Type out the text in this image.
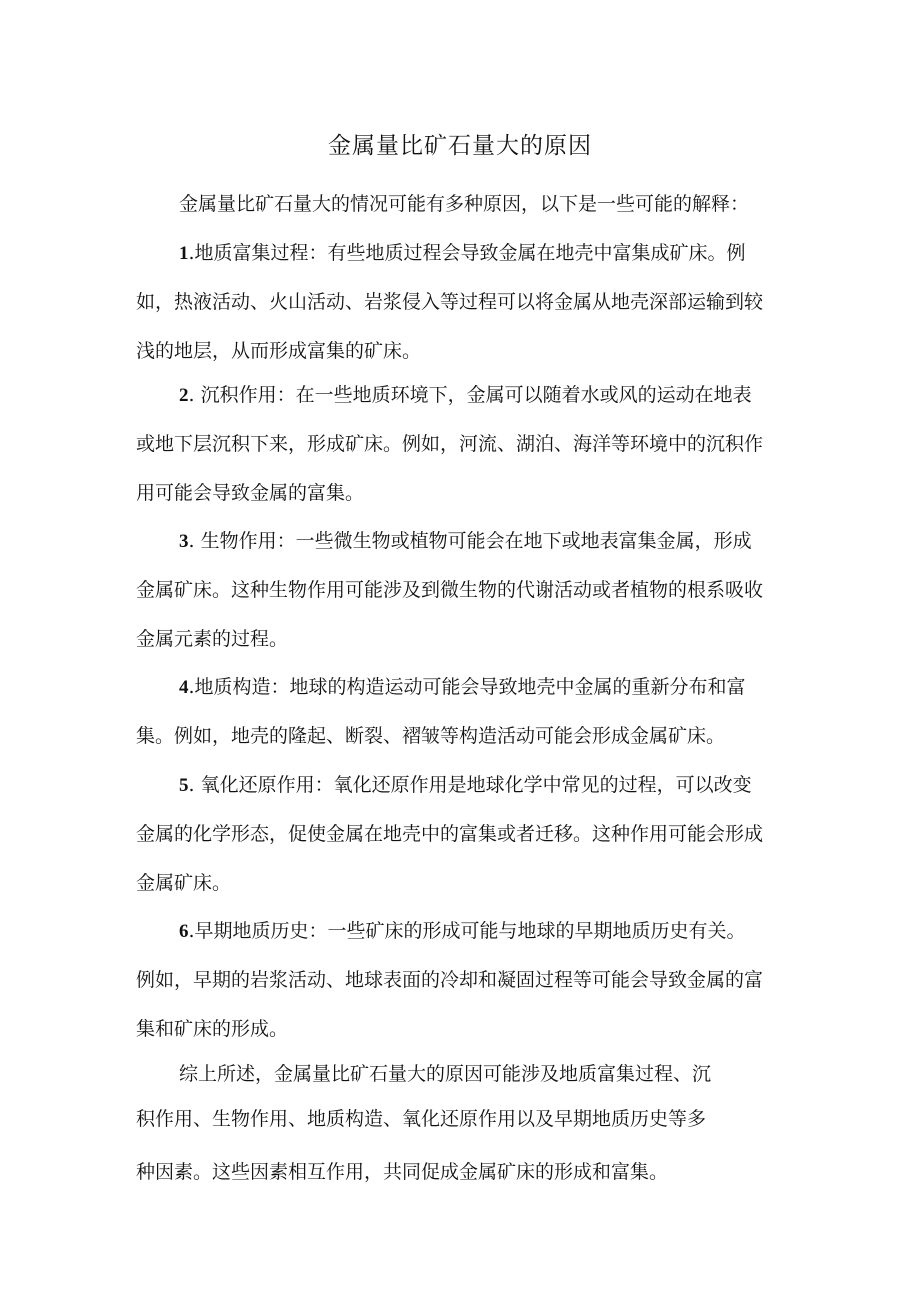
金属量比矿石量大的原因

金属量比矿石量大的情况可能有多种原因，以下是一些可能的解释：

1.地质富集过程：有些地质过程会导致金属在地壳中富集成矿床。例
如，热液活动、火山活动、岩浆侵入等过程可以将金属从地壳深部运输到较
浅的地层，从而形成富集的矿床。

2. 沉积作用：在一些地质环境下，金属可以随着水或风的运动在地表
或地下层沉积下来，形成矿床。例如，河流、湖泊、海洋等环境中的沉积作
用可能会导致金属的富集。

3. 生物作用：一些微生物或植物可能会在地下或地表富集金属，形成
金属矿床。这种生物作用可能涉及到微生物的代谢活动或者植物的根系吸收
金属元素的过程。

4.地质构造：地球的构造运动可能会导致地壳中金属的重新分布和富
集。例如，地壳的隆起、断裂、褶皱等构造活动可能会形成金属矿床。

5. 氧化还原作用：氧化还原作用是地球化学中常见的过程，可以改变
金属的化学形态，促使金属在地壳中的富集或者迁移。这种作用可能会形成
金属矿床。

6.早期地质历史：一些矿床的形成可能与地球的早期地质历史有关。
例如，早期的岩浆活动、地球表面的冷却和凝固过程等可能会导致金属的富
集和矿床的形成。

综上所述，金属量比矿石量大的原因可能涉及地质富集过程、沉
积作用、生物作用、地质构造、氧化还原作用以及早期地质历史等多
种因素。这些因素相互作用，共同促成金属矿床的形成和富集。
